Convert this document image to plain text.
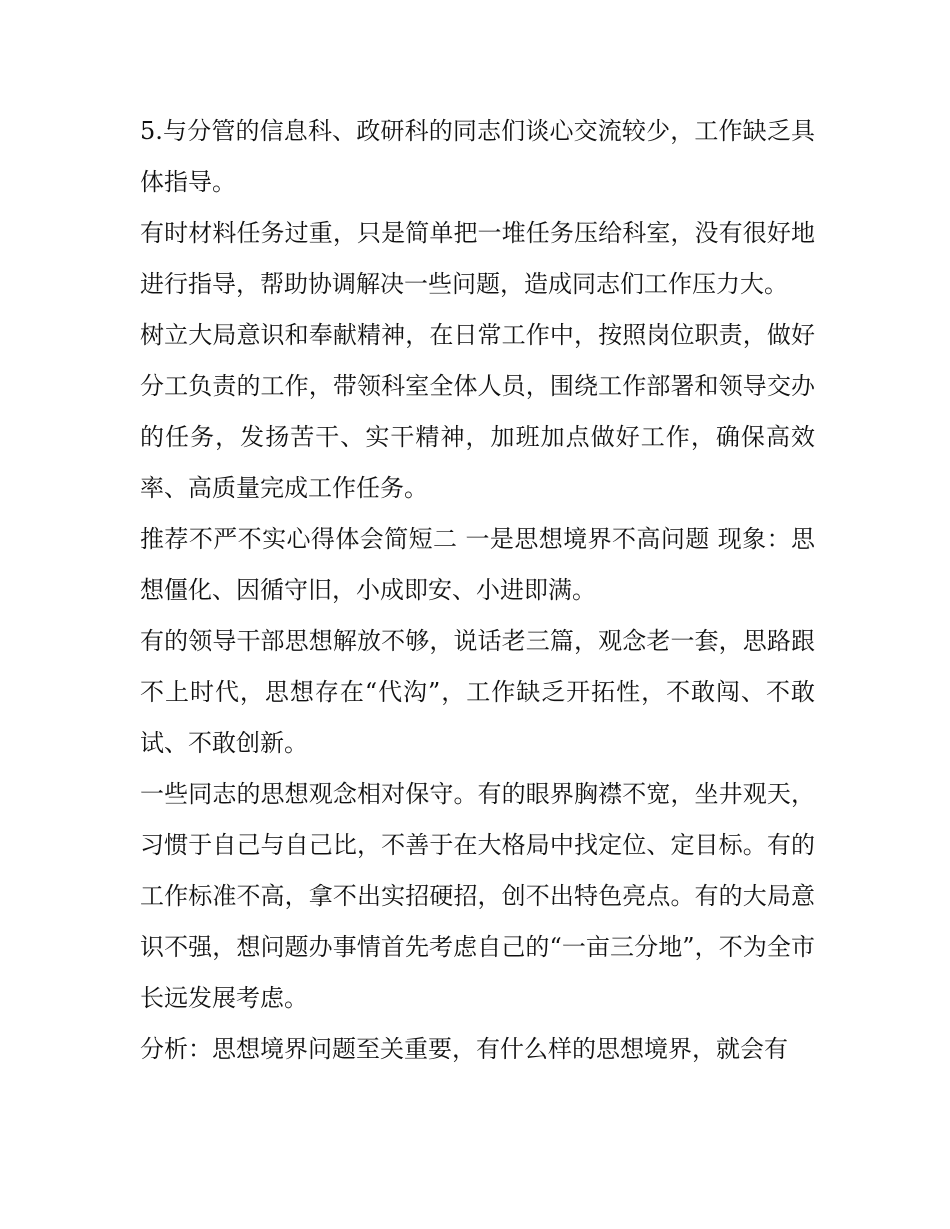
5.与分管的信息科、政研科的同志们谈心交流较少，工作缺乏具体指导。

有时材料任务过重，只是简单把一堆任务压给科室，没有很好地进行指导，帮助协调解决一些问题，造成同志们工作压力大。

树立大局意识和奉献精神，在日常工作中，按照岗位职责，做好分工负责的工作，带领科室全体人员，围绕工作部署和领导交办的任务，发扬苦干、实干精神，加班加点做好工作，确保高效率、高质量完成工作任务。

推荐不严不实心得体会简短二 一是思想境界不高问题 现象：思想僵化、因循守旧，小成即安、小进即满。

有的领导干部思想解放不够，说话老三篇，观念老一套，思路跟不上时代，思想存在“代沟”，工作缺乏开拓性，不敢闯、不敢试、不敢创新。

一些同志的思想观念相对保守。有的眼界胸襟不宽，坐井观天，习惯于自己与自己比，不善于在大格局中找定位、定目标。有的工作标准不高，拿不出实招硬招，创不出特色亮点。有的大局意识不强，想问题办事情首先考虑自己的“一亩三分地”，不为全市长远发展考虑。

分析：思想境界问题至关重要，有什么样的思想境界，就会有
